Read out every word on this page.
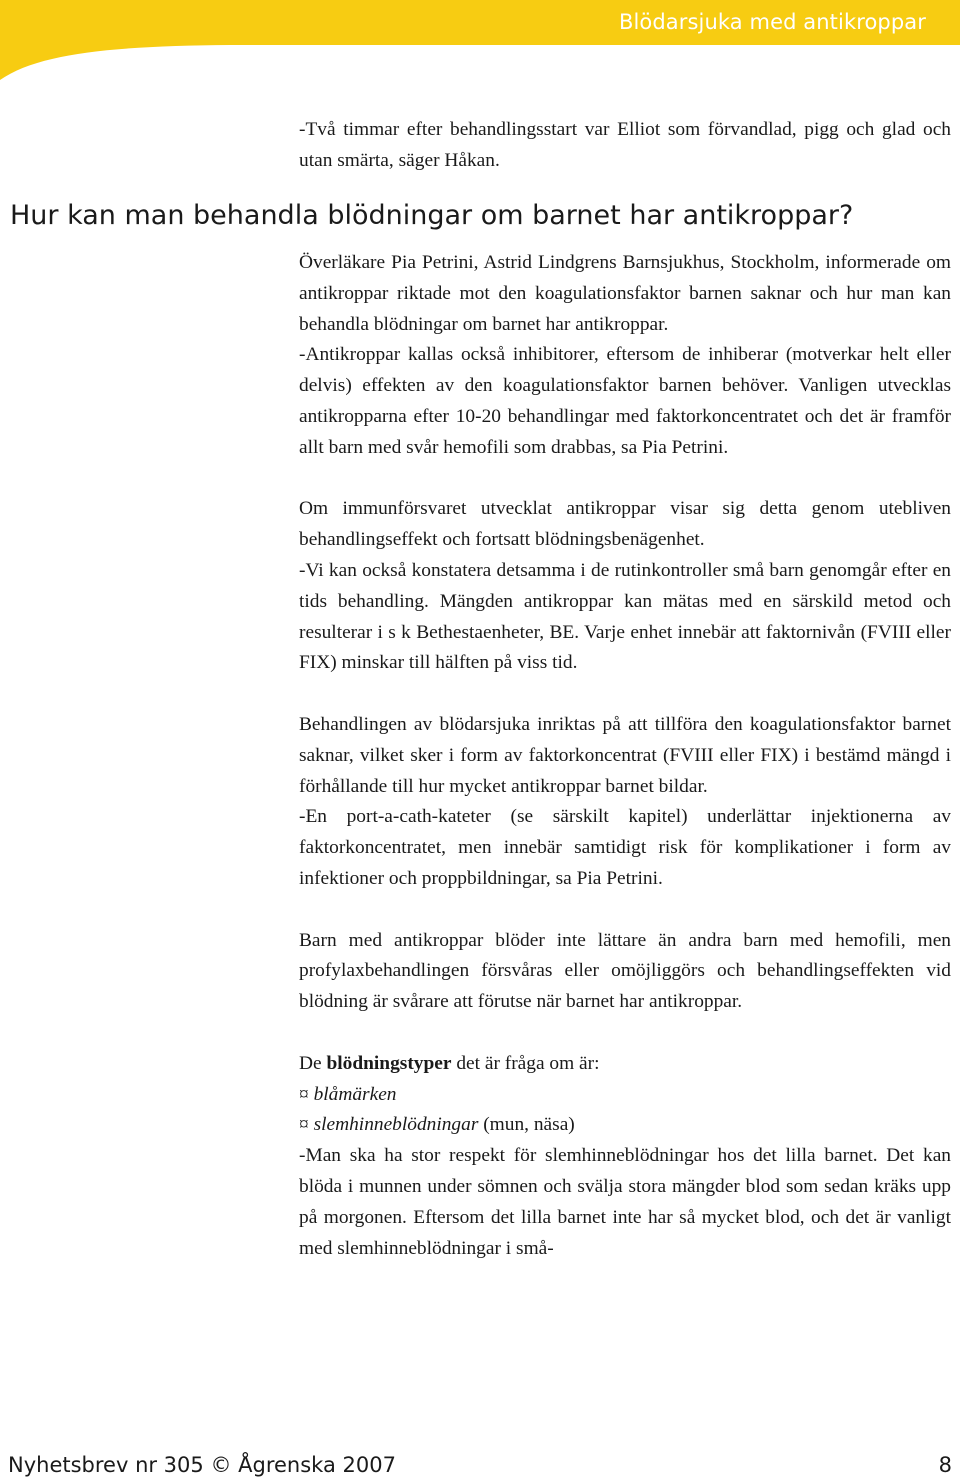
Blödarsjuka med antikroppar

-Två timmar efter behandlingsstart var Elliot som förvandlad, pigg och glad och utan smärta, säger Håkan.

Hur kan man behandla blödningar om barnet har antikroppar?

Överläkare Pia Petrini, Astrid Lindgrens Barnsjukhus, Stockholm, informerade om antikroppar riktade mot den koagulationsfaktor barnen saknar och hur man kan behandla blödningar om barnet har antikroppar.

-Antikroppar kallas också inhibitorer, eftersom de inhiberar (motverkar helt eller delvis) effekten av den koagulationsfaktor barnen behöver. Vanligen utvecklas antikropparna efter 10-20 behandlingar med faktorkoncentratet och det är framför allt barn med svår hemofili som drabbas, sa Pia Petrini.

Om immunförsvaret utvecklat antikroppar visar sig detta genom utebliven behandlingseffekt och fortsatt blödningsbenägenhet.

-Vi kan också konstatera detsamma i de rutinkontroller små barn genomgår efter en tids behandling. Mängden antikroppar kan mätas med en särskild metod och resulterar i s k Bethestaenheter, BE. Varje enhet innebär att faktornivån (FVIII eller FIX) minskar till hälften på viss tid.

Behandlingen av blödarsjuka inriktas på att tillföra den koagulationsfaktor barnet saknar, vilket sker i form av faktorkoncentrat (FVIII eller FIX) i bestämd mängd i förhållande till hur mycket antikroppar barnet bildar.

-En port-a-cath-kateter (se särskilt kapitel) underlättar injektionerna av faktorkoncentratet, men innebär samtidigt risk för komplikationer i form av infektioner och proppbildningar, sa Pia Petrini.

Barn med antikroppar blöder inte lättare än andra barn med hemofili, men profylaxbehandlingen försvåras eller omöjliggörs och behandlingseffekten vid blödning är svårare att förutse när barnet har antikroppar.

De blödningstyper det är fråga om är:

¤ blåmärken

¤ slemhinneblödningar (mun, näsa)

-Man ska ha stor respekt för slemhinneblödningar hos det lilla barnet. Det kan blöda i munnen under sömnen och svälja stora mängder blod som sedan kräks upp på morgonen. Eftersom det lilla barnet inte har så mycket blod, och det är vanligt med slemhinneblödningar i små-

Nyhetsbrev nr 305 © Ågrenska 2007	8
